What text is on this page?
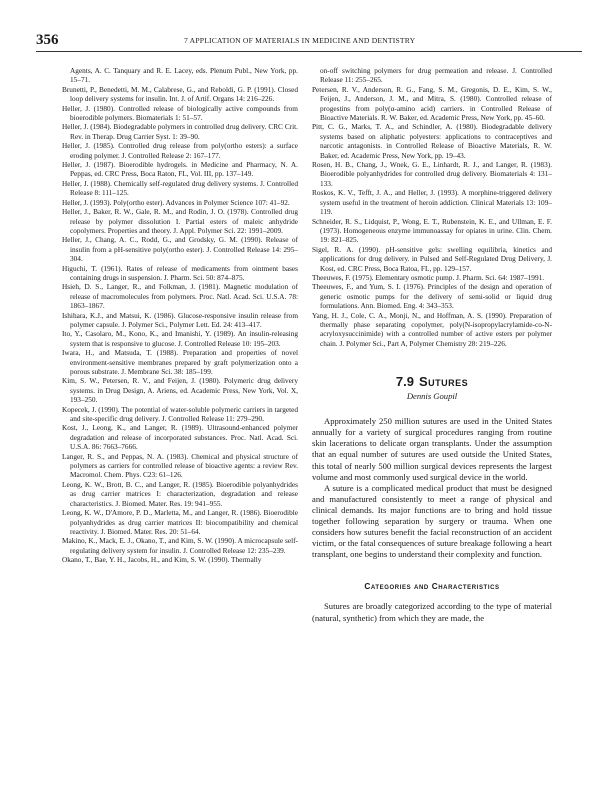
356	7 APPLICATION OF MATERIALS IN MEDICINE AND DENTISTRY

Agents, A. C. Tanquary and R. E. Lacey, eds. Plenum Publ., New York, pp. 15–71.

Brunetti, P., Benedetti, M. M., Calabrese, G., and Reboldi, G. P. (1991). Closed loop delivery systems for insulin. Int. J. of Artif. Organs 14: 216–226.

Heller, J. (1980). Controlled release of biologically active compounds from bioerodible polymers. Biomaterials 1: 51–57.

Heller, J. (1984). Biodegradable polymers in controlled drug delivery. CRC Crit. Rev. in Therap. Drug Carrier Syst. 1: 39–90.

Heller, J. (1985). Controlled drug release from poly(ortho esters): a surface eroding polymer. J. Controlled Release 2: 167–177.

Heller, J. (1987). Bioerodible hydrogels. in Medicine and Pharmacy, N. A. Peppas, ed. CRC Press, Boca Raton, FL, Vol. III, pp. 137–149.

Heller, J. (1988). Chemically self-regulated drug delivery systems. J. Controlled Release 8: 111–125.

Heller, J. (1993). Poly(ortho ester). Advances in Polymer Science 107: 41–92.

Heller, J., Baker, R. W., Gale, R. M., and Rodin, J. O. (1978). Controlled drug release by polymer dissolution I. Partial esters of maleic anhydride copolymers. Properties and theory. J. Appl. Polymer Sci. 22: 1991–2009.

Heller, J., Chang, A. C., Rodd, G., and Grodsky, G. M. (1990). Release of insulin from a pH-sensitive poly(ortho ester). J. Controlled Release 14: 295–304.

Higuchi, T. (1961). Rates of release of medicaments from ointment bases containing drugs in suspension. J. Pharm. Sci. 50: 874–875.

Hsieh, D. S., Langer, R., and Folkman, J. (1981). Magnetic modulation of release of macromolecules from polymers. Proc. Natl. Acad. Sci. U.S.A. 78: 1863–1867.

Ishihara, K.J., and Matsui, K. (1986). Glucose-responsive insulin release from polymer capsule. J. Polymer Sci., Polymer Lett. Ed. 24: 413–417.

Ito, Y., Casolaro, M., Kono, K., and Imanishi, Y. (1989). An insulin-releasing system that is responsive to glucose. J. Controlled Release 10: 195–203.

Iwara, H., and Matsuda, T. (1988). Preparation and properties of novel environment-sensitive membranes prepared by graft polymerization onto a porous substrate. J. Membrane Sci. 38: 185–199.

Kim, S. W., Petersen, R. V., and Feijen, J. (1980). Polymeric drug delivery systems. in Drug Design, A. Ariens, ed. Academic Press, New York, Vol. X, 193–250.

Kopecek, J. (1990). The potential of water-soluble polymeric carriers in targeted and site-specific drug delivery. J. Controlled Release 11: 279–290.

Kost, J., Leong, K., and Langer, R. (1989). Ultrasound-enhanced polymer degradation and release of incorporated substances. Proc. Natl. Acad. Sci. U.S.A. 86: 7663–7666.

Langer, R. S., and Peppas, N. A. (1983). Chemical and physical structure of polymers as carriers for controlled release of bioactive agents: a review Rev. Macromol. Chem. Phys. C23: 61–126.

Leong, K. W., Brott, B. C., and Langer, R. (1985). Bioerodible polyanhydrides as drug carrier matrices I: characterization, degradation and release characteristics. J. Biomed. Mater. Res. 19: 941–955.

Leong, K. W., D'Amore, P. D., Marletta, M., and Langer, R. (1986). Bioerodible polyanhydrides as drug carrier matrices II: biocompatibility and chemical reactivity. J. Biomed. Mater. Res. 20: 51–64.

Makino, K., Mack, E. J., Okano, T., and Kim, S. W. (1990). A microcapsule self-regulating delivery system for insulin. J. Controlled Release 12: 235–239.

Okano, T., Bae, Y. H., Jacobs, H., and Kim, S. W. (1990). Thermally

on-off switching polymers for drug permeation and release. J. Controlled Release 11: 255–265.

Petersen, R. V., Anderson, R. G., Fang, S. M., Gregonis, D. E., Kim, S. W., Feijen, J., Anderson, J. M., and Mitra, S. (1980). Controlled release of progestins from poly(α-amino acid) carriers. in Controlled Release of Bioactive Materials. R. W. Baker, ed. Academic Press, New York, pp. 45–60.

Pitt, C. G., Marks, T. A., and Schindler, A. (1980). Biodegradable delivery systems based on aliphatic polyesters: applications to contraceptives and narcotic antagonists. in Controlled Release of Bioactive Materials, R. W. Baker, ed. Academic Press, New York, pp. 19–43.

Rosen, H. B., Chang, J., Wnek, G. E., Linhardt, R. J., and Langer, R. (1983). Bioerodible polyanhydrides for controlled drug delivery. Biomaterials 4: 131–133.

Roskos, K. V., Tefft, J. A., and Heller, J. (1993). A morphine-triggered delivery system useful in the treatment of heroin addiction. Clinical Materials 13: 109–119.

Schneider, R. S., Lidquist, P., Wong, E. T., Rubenstein, K. E., and Ullman, E. F. (1973). Homogeneous enzyme immunoassay for opiates in urine. Clin. Chem. 19: 821–825.

Sigel, R. A. (1990). pH-sensitive gels: swelling equilibria, kinetics and applications for drug delivery. in Pulsed and Self-Regulated Drug Delivery, J. Kost, ed. CRC Press, Boca Ratoa, FL, pp. 129–157.

Theeuwes, F. (1975). Elementary osmotic pump. J. Pharm. Sci. 64: 1987–1991.

Theeuwes, F., and Yum, S. I. (1976). Principles of the design and operation of generic osmotic pumps for the delivery of semi-solid or liquid drug formulations. Ann. Biomed. Eng. 4: 343–353.

Yang, H. J., Cole, C. A., Monji, N., and Hoffman, A. S. (1990). Preparation of thermally phase separating copolymer, poly(N-isopropylacrylamide-co-N-acryloxysuccinimide) with a controlled number of active esters per polymer chain. J. Polymer Sci., Part A, Polymer Chemistry 28: 219–226.

7.9 Sutures
Dennis Goupil

Approximately 250 million sutures are used in the United States annually for a variety of surgical procedures ranging from routine skin lacerations to delicate organ transplants. Under the assumption that an equal number of sutures are used outside the United States, this total of nearly 500 million surgical devices represents the largest volume and most commonly used surgical device in the world.

A suture is a complicated medical product that must be designed and manufactured consistently to meet a range of physical and clinical demands. Its major functions are to bring and hold tissue together following separation by surgery or trauma. When one considers how sutures benefit the facial reconstruction of an accident victim, or the fatal consequences of suture breakage following a heart transplant, one begins to understand their complexity and function.

Categories and Characteristics

Sutures are broadly categorized according to the type of material (natural, synthetic) from which they are made, the
